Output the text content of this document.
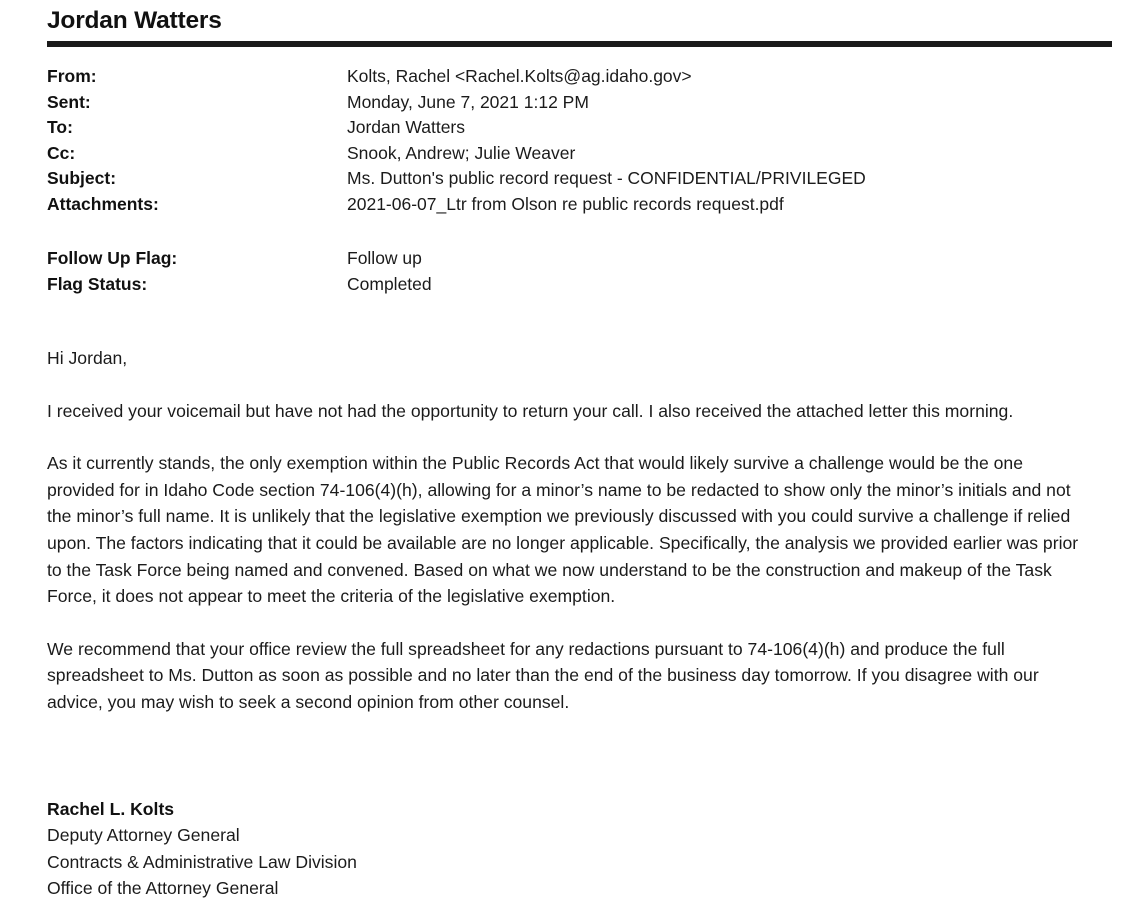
Jordan Watters
From:	Kolts, Rachel <Rachel.Kolts@ag.idaho.gov>
Sent:	Monday, June 7, 2021 1:12 PM
To:	Jordan Watters
Cc:	Snook, Andrew; Julie Weaver
Subject:	Ms. Dutton's public record request - CONFIDENTIAL/PRIVILEGED
Attachments:	2021-06-07_Ltr from Olson re public records request.pdf
Follow Up Flag:	Follow up
Flag Status:	Completed

Hi Jordan,

I received your voicemail but have not had the opportunity to return your call. I also received the attached letter this morning.

As it currently stands, the only exemption within the Public Records Act that would likely survive a challenge would be the one provided for in Idaho Code section 74-106(4)(h), allowing for a minor’s name to be redacted to show only the minor’s initials and not the minor’s full name. It is unlikely that the legislative exemption we previously discussed with you could survive a challenge if relied upon. The factors indicating that it could be available are no longer applicable. Specifically, the analysis we provided earlier was prior to the Task Force being named and convened. Based on what we now understand to be the construction and makeup of the Task Force, it does not appear to meet the criteria of the legislative exemption.

We recommend that your office review the full spreadsheet for any redactions pursuant to 74-106(4)(h) and produce the full spreadsheet to Ms. Dutton as soon as possible and no later than the end of the business day tomorrow. If you disagree with our advice, you may wish to seek a second opinion from other counsel.

Rachel L. Kolts
Deputy Attorney General
Contracts & Administrative Law Division
Office of the Attorney General
